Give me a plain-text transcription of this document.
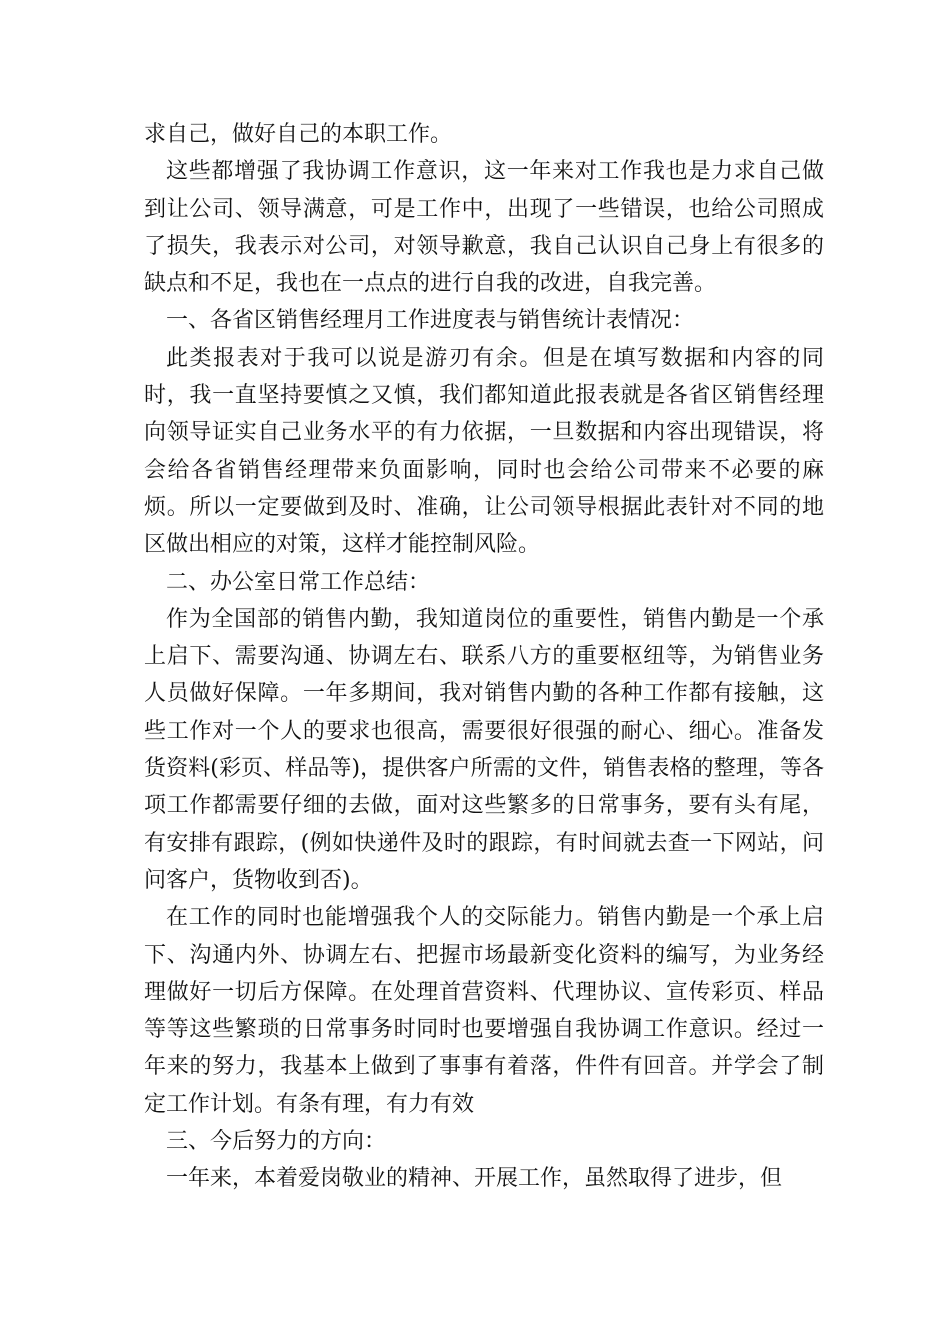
求自己，做好自己的本职工作。

这些都增强了我协调工作意识，这一年来对工作我也是力求自己做到让公司、领导满意，可是工作中，出现了一些错误，也给公司照成了损失，我表示对公司，对领导歉意，我自己认识自己身上有很多的缺点和不足，我也在一点点的进行自我的改进，自我完善。

一、各省区销售经理月工作进度表与销售统计表情况：

此类报表对于我可以说是游刃有余。但是在填写数据和内容的同时，我一直坚持要慎之又慎，我们都知道此报表就是各省区销售经理向领导证实自己业务水平的有力依据，一旦数据和内容出现错误，将会给各省销售经理带来负面影响，同时也会给公司带来不必要的麻烦。所以一定要做到及时、准确，让公司领导根据此表针对不同的地区做出相应的对策，这样才能控制风险。

二、办公室日常工作总结：

作为全国部的销售内勤，我知道岗位的重要性，销售内勤是一个承上启下、需要沟通、协调左右、联系八方的重要枢纽等，为销售业务人员做好保障。一年多期间，我对销售内勤的各种工作都有接触，这些工作对一个人的要求也很高，需要很好很强的耐心、细心。准备发货资料(彩页、样品等)，提供客户所需的文件，销售表格的整理，等各项工作都需要仔细的去做，面对这些繁多的日常事务，要有头有尾，有安排有跟踪，(例如快递件及时的跟踪，有时间就去查一下网站，问问客户，货物收到否)。

在工作的同时也能增强我个人的交际能力。销售内勤是一个承上启下、沟通内外、协调左右、把握市场最新变化资料的编写，为业务经理做好一切后方保障。在处理首营资料、代理协议、宣传彩页、样品等等这些繁琐的日常事务时同时也要增强自我协调工作意识。经过一年来的努力，我基本上做到了事事有着落，件件有回音。并学会了制定工作计划。有条有理，有力有效

三、今后努力的方向：

一年来，本着爱岗敬业的精神、开展工作，虽然取得了进步，但
